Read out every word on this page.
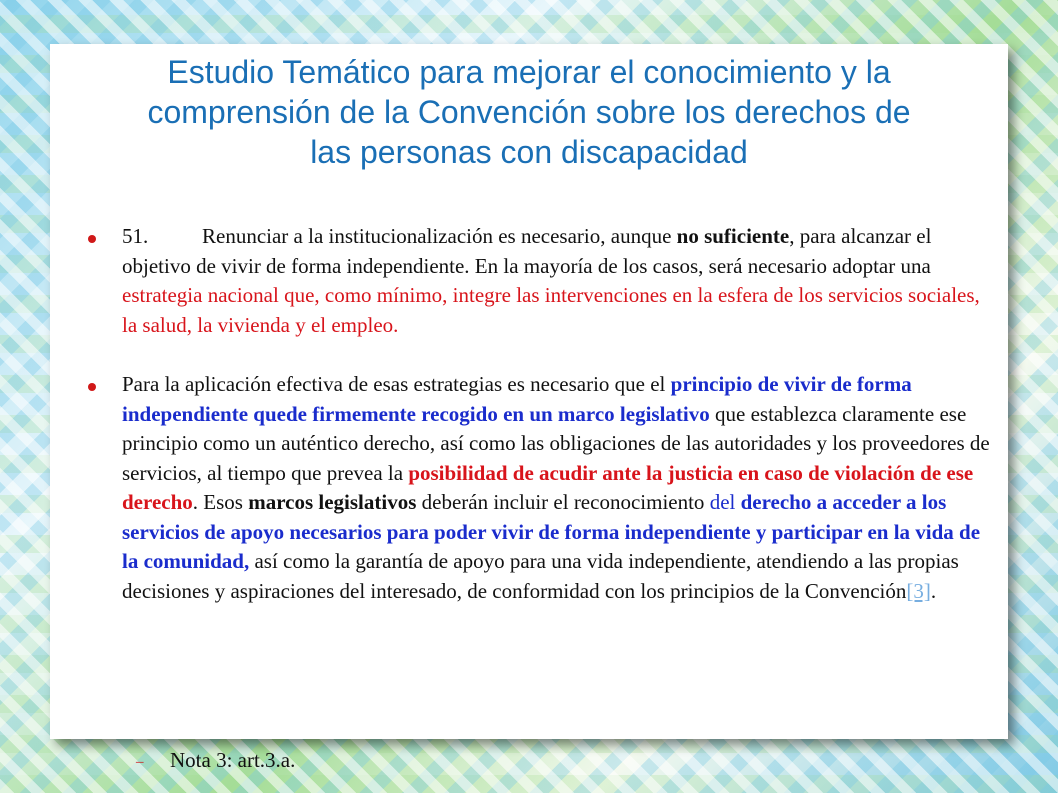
Estudio Temático para mejorar el conocimiento y la
comprensión de la Convención sobre los derechos de
las personas con discapacidad
51.	Renunciar a la institucionalización es necesario, aunque no suficiente, para alcanzar el objetivo de vivir de forma independiente. En la mayoría de los casos, será necesario adoptar una estrategia nacional que, como mínimo, integre las intervenciones en la esfera de los servicios sociales, la salud, la vivienda y el empleo.
Para la aplicación efectiva de esas estrategias es necesario que el principio de vivir de forma independiente quede firmemente recogido en un marco legislativo que establezca claramente ese principio como un auténtico derecho, así como las obligaciones de las autoridades y los proveedores de servicios, al tiempo que prevea la posibilidad de acudir ante la justicia en caso de violación de ese derecho. Esos marcos legislativos deberán incluir el reconocimiento del derecho a acceder a los servicios de apoyo necesarios para poder vivir de forma independiente y participar en la vida de la comunidad, así como la garantía de apoyo para una vida independiente, atendiendo a las propias decisiones y aspiraciones del interesado, de conformidad con los principios de la Convención[3].
– Nota 3: art.3.a.
